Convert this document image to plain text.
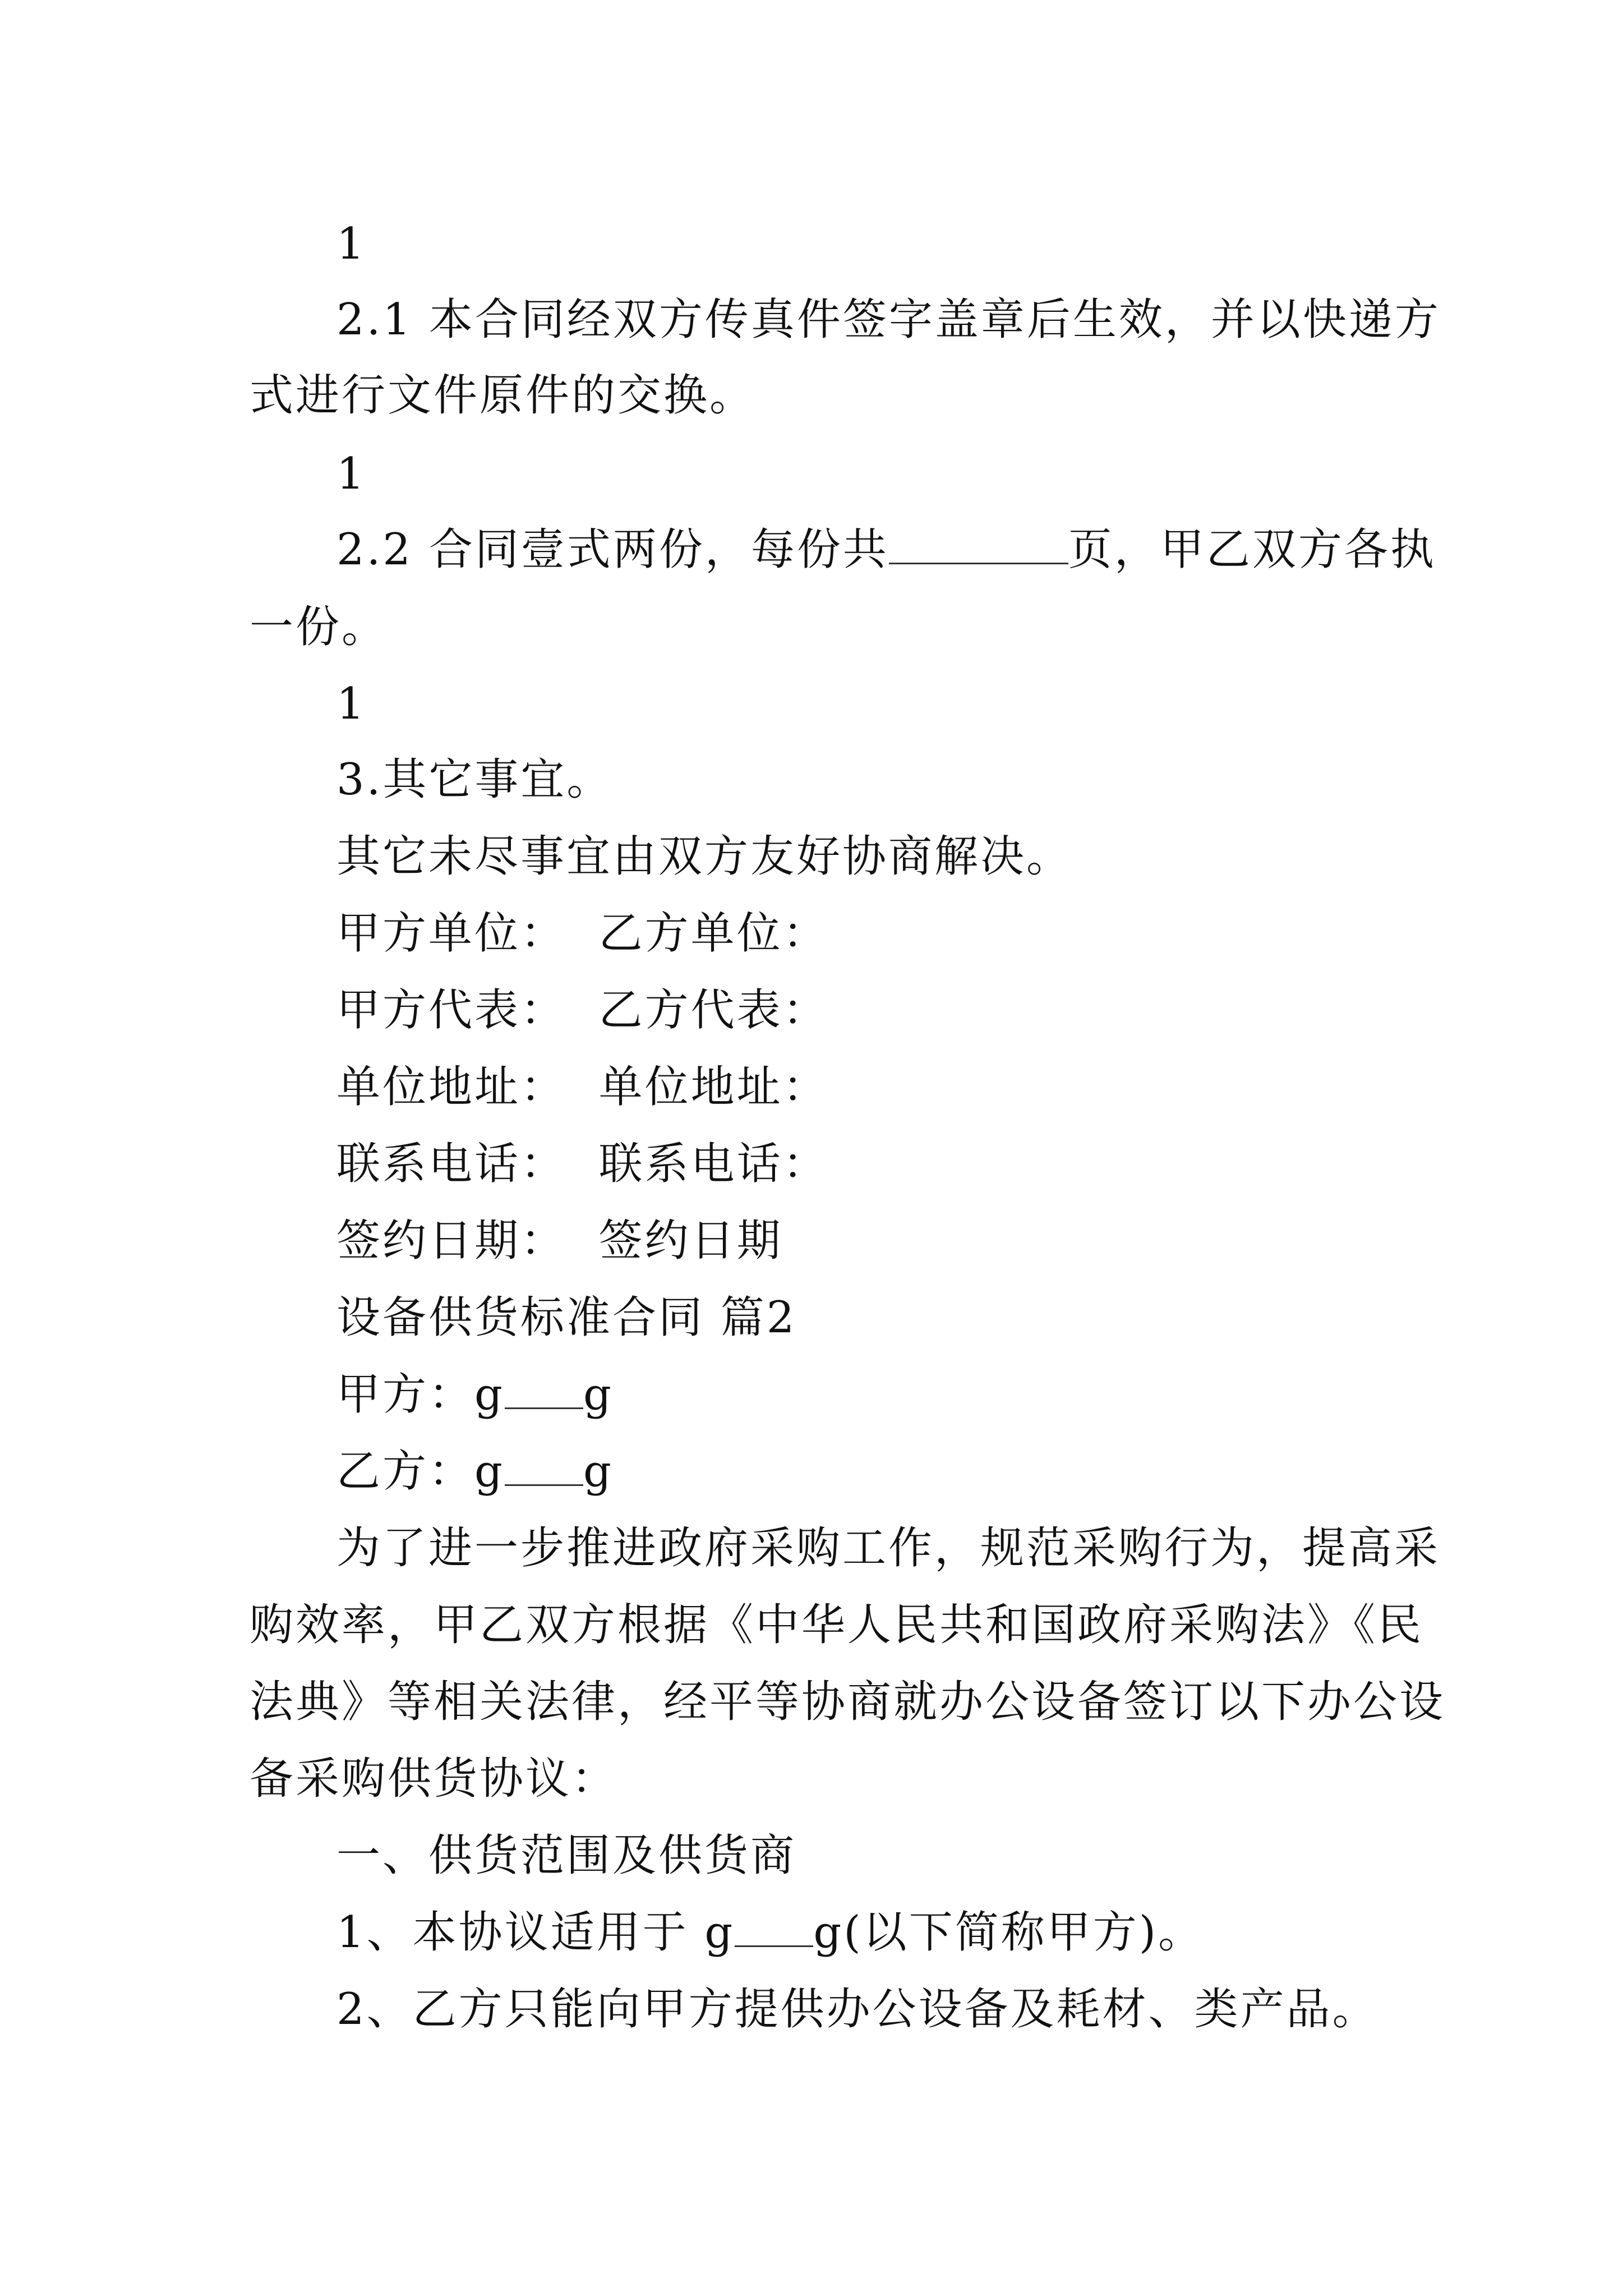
1
2.1 本合同经双方传真件签字盖章后生效，并以快递方
式进行文件原件的交换。
1
2.2 合同壹式两份，每份共	页，甲乙双方各执
一份。
1
3.其它事宜。
其它未尽事宜由双方友好协商解决。
甲方单位：  乙方单位：
甲方代表：  乙方代表：
单位地址：  单位地址：
联系电话：  联系电话：
签约日期：  签约日期
设备供货标准合同 篇2
甲方：g g
乙方：g g
为了进一步推进政府采购工作，规范采购行为，提高采
购效率，甲乙双方根据《中华人民共和国政府采购法》《民
法典》等相关法律，经平等协商就办公设备签订以下办公设
备采购供货协议：
一、供货范围及供货商
1、本协议适用于 g g(以下简称甲方)。
2、乙方只能向甲方提供办公设备及耗材、类产品。
